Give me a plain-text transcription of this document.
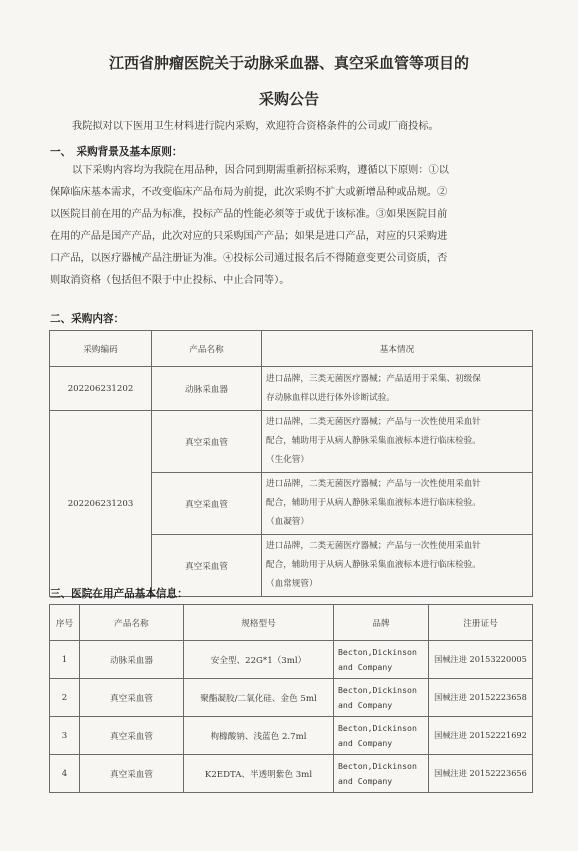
江西省肿瘤医院关于动脉采血器、真空采血管等项目的
采购公告
我院拟对以下医用卫生材料进行院内采购，欢迎符合资格条件的公司或厂商投标。
一、　采购背景及基本原则：
以下采购内容均为我院在用品种，因合同到期需重新招标采购，遵循以下原则：①以
保障临床基本需求，不改变临床产品布局为前提，此次采购不扩大或新增品种或品规。②
以医院目前在用的产品为标准，投标产品的性能必须等于或优于该标准。③如果医院目前
在用的产品是国产产品，此次对应的只采购国产产品；如果是进口产品，对应的只采购进
口产品，以医疗器械产品注册证为准。④投标公司通过报名后不得随意变更公司资质，否
则取消资格（包括但不限于中止投标、中止合同等）。
二、采购内容：
采购编码	产品名称	基本情况
202206231202	动脉采血器	进口品牌，三类无菌医疗器械；产品适用于采集、初级保
存动脉血样以进行体外诊断试验。

202206231203	真空采血管	进口品牌，二类无菌医疗器械；产品与一次性使用采血针
配合，辅助用于从病人静脉采集血液标本进行临床检验。
（生化管）

	真空采血管	进口品牌，二类无菌医疗器械；产品与一次性使用采血针
配合，辅助用于从病人静脉采集血液标本进行临床检验。
（血凝管）

	真空采血管	进口品牌，二类无菌医疗器械；产品与一次性使用采血针
配合，辅助用于从病人静脉采集血液标本进行临床检验。
（血常规管）
三、医院在用产品基本信息：
序号	产品名称	规格型号	品牌	注册证号
1	动脉采血器	安全型、22G*1（3ml）	Becton,Dickinson
and Company	国械注进 20153220005
2	真空采血管	聚酯凝胶/二氧化硅、金色 5ml	Becton,Dickinson
and Company	国械注进 20152223658
3	真空采血管	枸橼酸钠、浅蓝色 2.7ml	Becton,Dickinson
and Company	国械注进 20152221692
4	真空采血管	K2EDTA、半透明紫色 3ml	Becton,Dickinson
and Company	国械注进 20152223656
